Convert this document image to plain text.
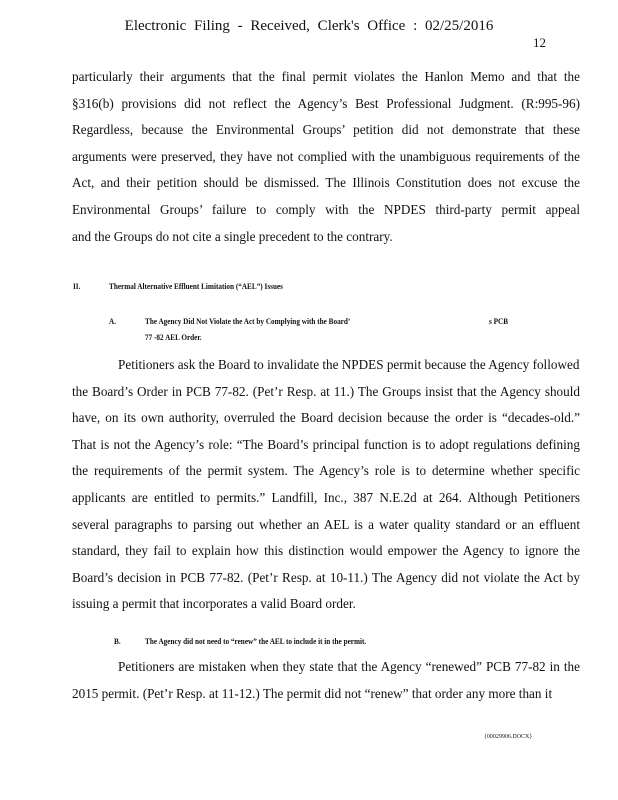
Electronic Filing - Received, Clerk's Office : 02/25/2016
12
particularly their arguments that the final permit violates the Hanlon Memo and that the
§316(b) provisions did not reflect the Agency’s Best Professional Judgment. (R:995-96)
Regardless, because the Environmental Groups’ petition did not demonstrate that these
arguments were preserved, they have not complied with the unambiguous requirements of the
Act, and their petition should be dismissed. The Illinois Constitution does not excuse the
Environmental Groups’ failure to comply with the NPDES third-party permit appeal
and the Groups do not cite a single precedent to the contrary.
II.	Thermal Alternative Effluent Limitation (“AEL”) Issues
A.	The Agency Did Not Violate the Act by Complying with the Board’	s PCB
77 -82 AEL Order.
Petitioners ask the Board to invalidate the NPDES permit because the Agency followed
the Board’s Order in PCB 77-82. (Pet’r Resp. at 11.) The Groups insist that the Agency should
have, on its own authority, overruled the Board decision because the order is “decades-old.”
That is not the Agency’s role: “The Board’s principal function is to adopt regulations defining
the requirements of the permit system. The Agency’s role is to determine whether specific
applicants are entitled to permits.” Landfill, Inc., 387 N.E.2d at 264. Although Petitioners
several paragraphs to parsing out whether an AEL is a water quality standard or an effluent
standard, they fail to explain how this distinction would empower the Agency to ignore the
Board’s decision in PCB 77-82. (Pet’r Resp. at 10-11.) The Agency did not violate the Act by
issuing a permit that incorporates a valid Board order.
B.	The Agency did not need to “renew” the AEL to include it in the permit.
Petitioners are mistaken when they state that the Agency “renewed” PCB 77-82 in the
2015 permit. (Pet’r Resp. at 11-12.) The permit did not “renew” that order any more than it
{00029906.DOCX}
